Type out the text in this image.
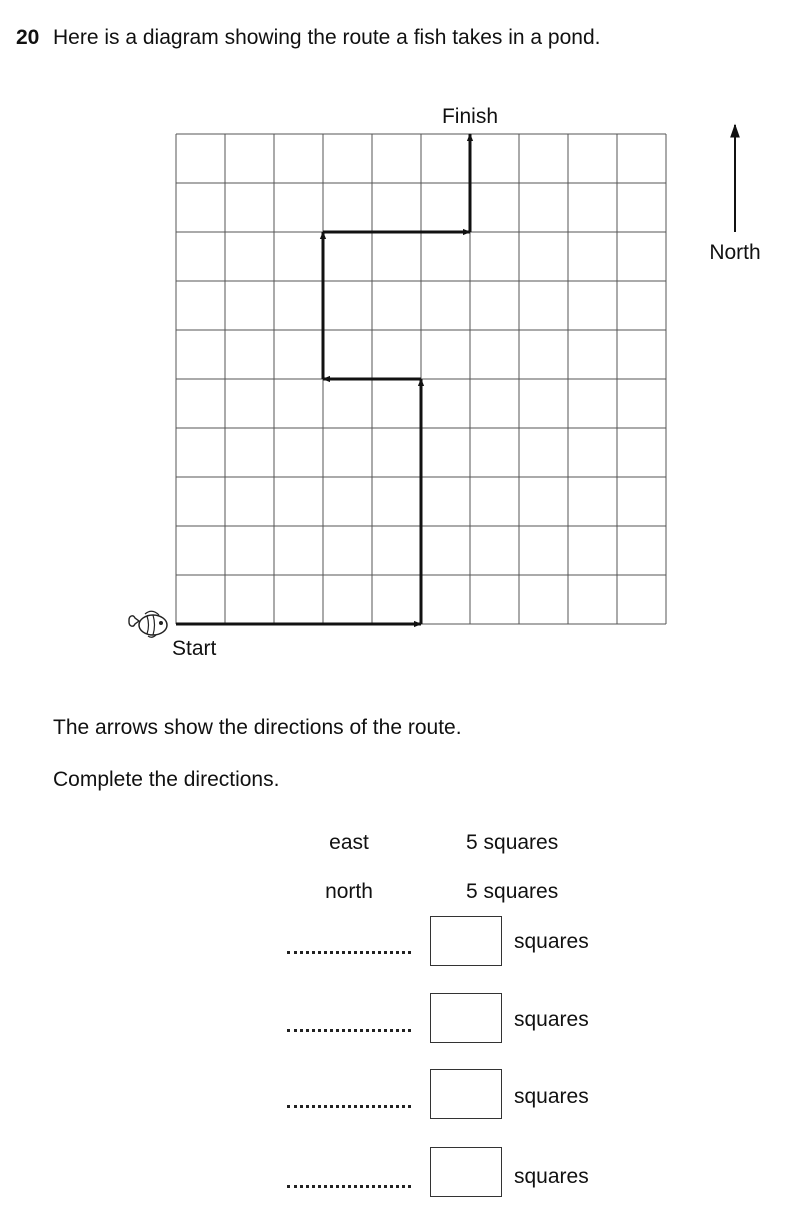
20 Here is a diagram showing the route a fish takes in a pond.
Finish
Start
North
The arrows show the directions of the route.
Complete the directions.
east	5 squares
north	5 squares
squares
squares
squares
squares
